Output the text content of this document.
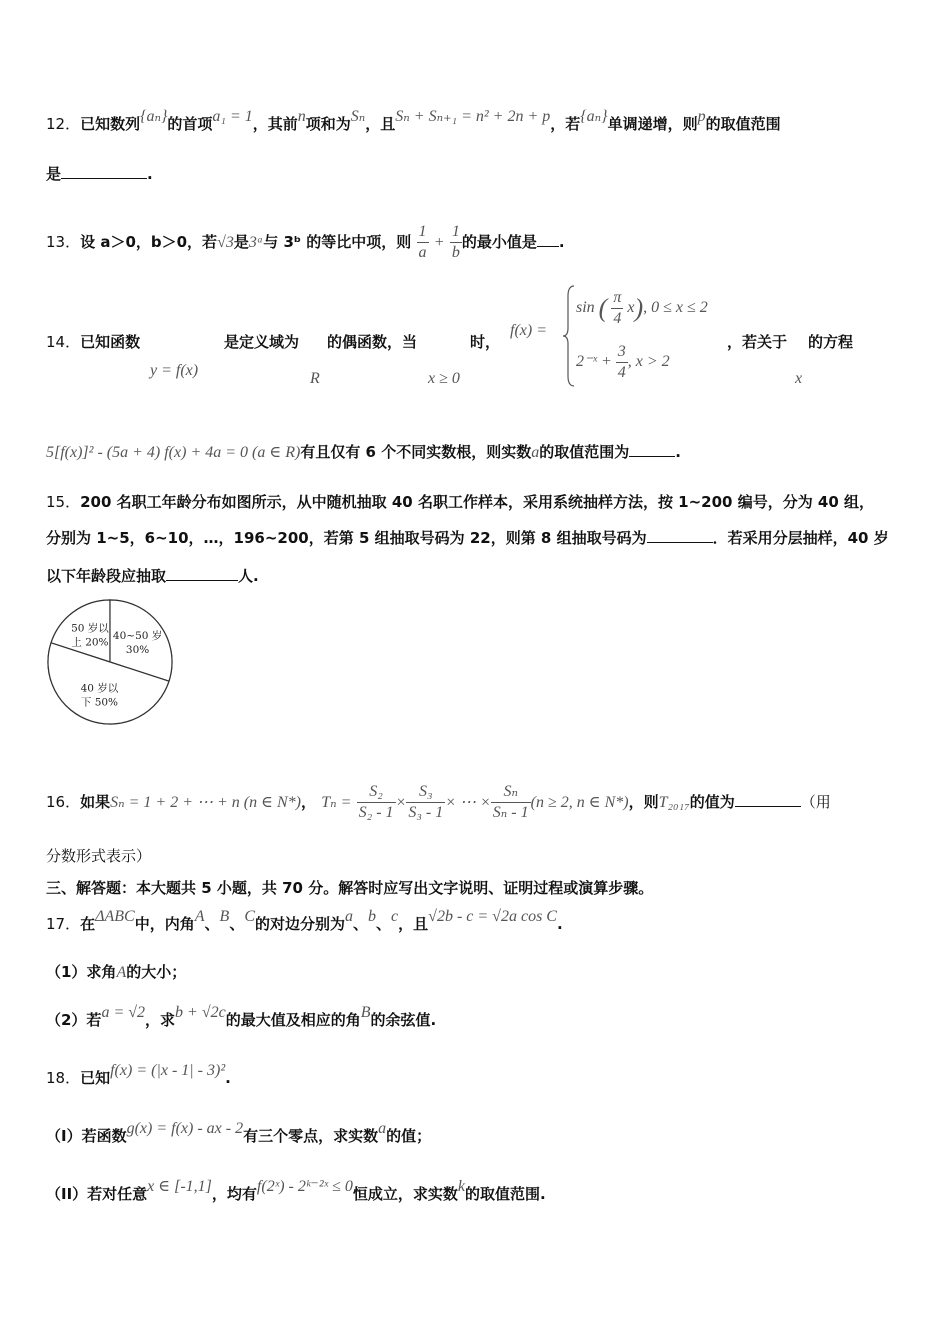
12．已知数列{aₙ}的首项a₁ = 1，其前n项和为Sₙ，且Sₙ + Sₙ₊₁ = n² + 2n + p，若{aₙ}单调递增，则p的取值范围
是	.
13．设 a＞0，b＞0，若√3是3ᵃ与 3ᵇ 的等比中项，则 $\frac{1}{a} + \frac{1}{b}$ 的最小值是 .
14．已知函数
y = f(x)
是定义域为
R
的偶函数，当
x ≥ 0
时，
f(x) =
sin ( $\frac{\pi}{4} x$), 0 ≤ x ≤ 2
2⁻ˣ + $\frac{3}{4}$ , x > 2
，若关于
x
的方程
5[f(x)]² - (5a + 4) f(x) + 4a = 0 (a ∈ R)有且仅有 6 个不同实数根，则实数a的取值范围为	.
15．200 名职工年龄分布如图所示，从中随机抽取 40 名职工作样本，采用系统抽样方法，按 1~200 编号，分为 40 组，
分别为 1~5，6~10，…，196~200，若第 5 组抽取号码为 22，则第 8 组抽取号码为	．若采用分层抽样，40 岁
以下年龄段应抽取	人.
50 岁以
上 20%
40~50 岁
30%
40 岁以
下 50%
16．如果Sₙ = 1 + 2 + ⋯ + n (n ∈ N*)， $T_n = \frac{\text{S₂}}{\text{S₂ - 1}} \times \frac{\text{S₃}}{\text{S₃ - 1}}$ × ⋯ × $\frac{\text{Sₙ}}{\text{Sₙ - 1}} (n \ge 2$, n ∈ N*)，则T₂₀₁₇的值为	（用
分数形式表示）
三、解答题：本大题共 5 小题，共 70 分。解答时应写出文字说明、证明过程或演算步骤。
17．在ΔABC中，内角A、B、C的对边分别为a、b、c，且√2b - c = √2a cos C.
（1）求角A的大小；
（2）若a = √2，求b + √2c的最大值及相应的角B的余弦值.
18．已知f(x) = (|x - 1| - 3)².
（I）若函数g(x) = f(x) - ax - 2有三个零点，求实数a的值；
（II）若对任意x ∈ [-1,1]，均有f(2ˣ) - 2ᵏ⁻²ˣ ≤ 0恒成立，求实数k的取值范围.
